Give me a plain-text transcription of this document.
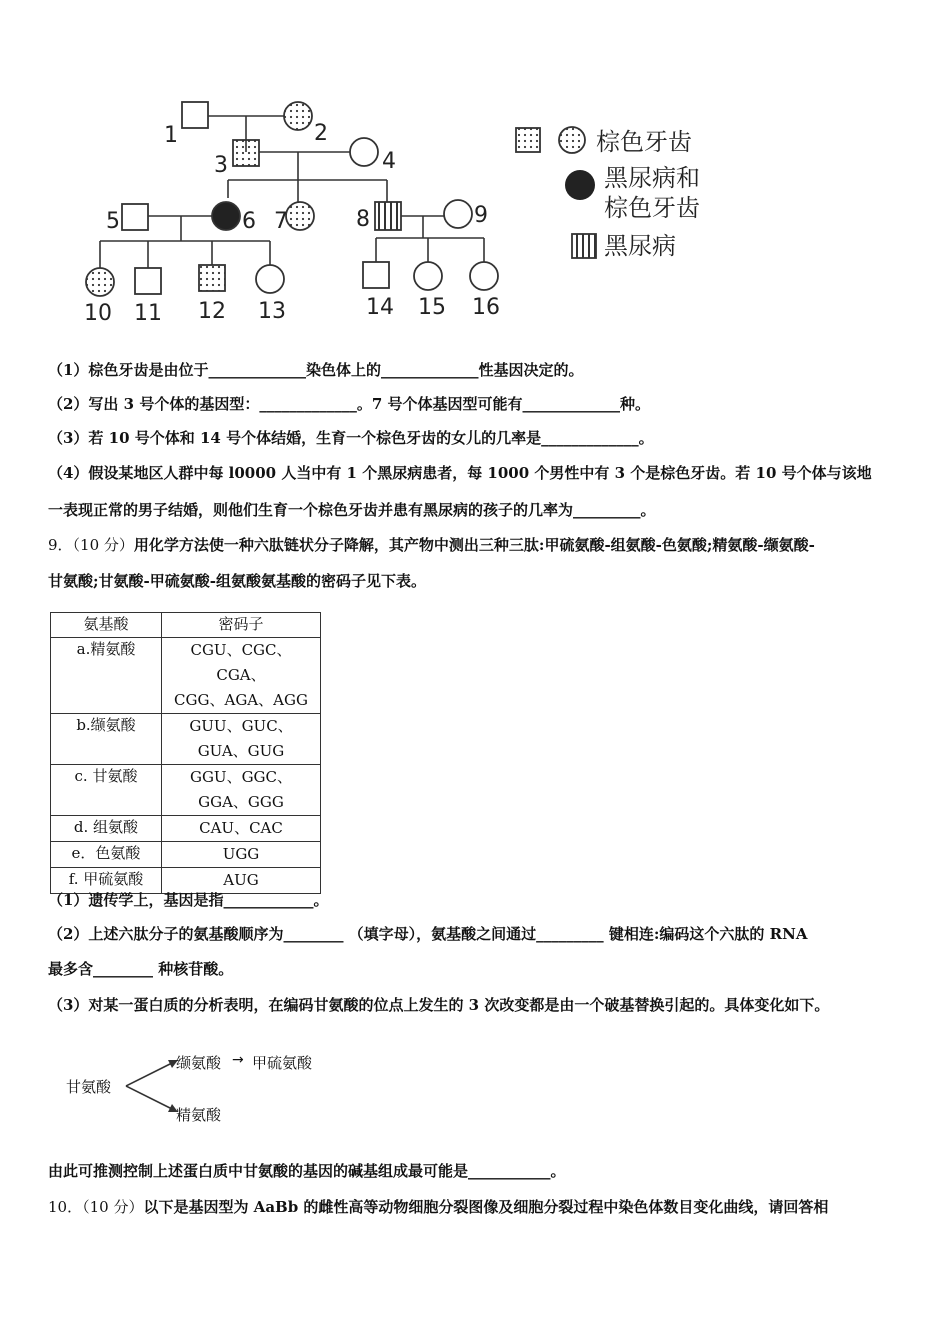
1	2
3	4
5	6 7	8	9
10 11 12 13	14 15 16
棕色牙齿
黑尿病和
棕色牙齿
黑尿病
（1）棕色牙齿是由位于_____________染色体上的_____________性基因决定的。
（2）写出 3 号个体的基因型：_____________。7 号个体基因型可能有_____________种。
（3）若 10 号个体和 14 号个体结婚，生育一个棕色牙齿的女儿的几率是_____________。
（4）假设某地区人群中每 l0000 人当中有 1 个黑尿病患者，每 1000 个男性中有 3 个是棕色牙齿。若 10 号个体与该地
一表现正常的男子结婚，则他们生育一个棕色牙齿并患有黑尿病的孩子的几率为_________。
9．（10 分）用化学方法使一种六肽链状分子降解，其产物中测出三种三肽:甲硫氨酸-组氨酸-色氨酸;精氨酸-缬氨酸-
甘氨酸;甘氨酸-甲硫氨酸-组氨酸氨基酸的密码子见下表。
氨基酸	密码子
a.精氨酸	CGU、CGC、CGA、
CGG、AGA、AGG

b.缬氨酸	GUU、GUC、
GUA、GUG

c. 甘氨酸	GGU、GGC、
GGA、GGG

d. 组氨酸	CAU、CAC
e．色氨酸	UGG
f. 甲硫氨酸	AUG
（1）遗传学上，基因是指____________。
（2）上述六肽分子的氨基酸顺序为________ （填字母），氨基酸之间通过_________ 键相连:编码这个六肽的 RNA
最多含________ 种核苷酸。
（3）对某一蛋白质的分析表明，在编码甘氨酸的位点上发生的 3 次改变都是由一个破基替换引起的。具体变化如下。
甘氨酸
缬氨酸 → 甲硫氨酸
精氨酸
由此可推测控制上述蛋白质中甘氨酸的基因的碱基组成最可能是___________。
10．（10 分）以下是基因型为 AaBb 的雌性高等动物细胞分裂图像及细胞分裂过程中染色体数目变化曲线，请回答相
